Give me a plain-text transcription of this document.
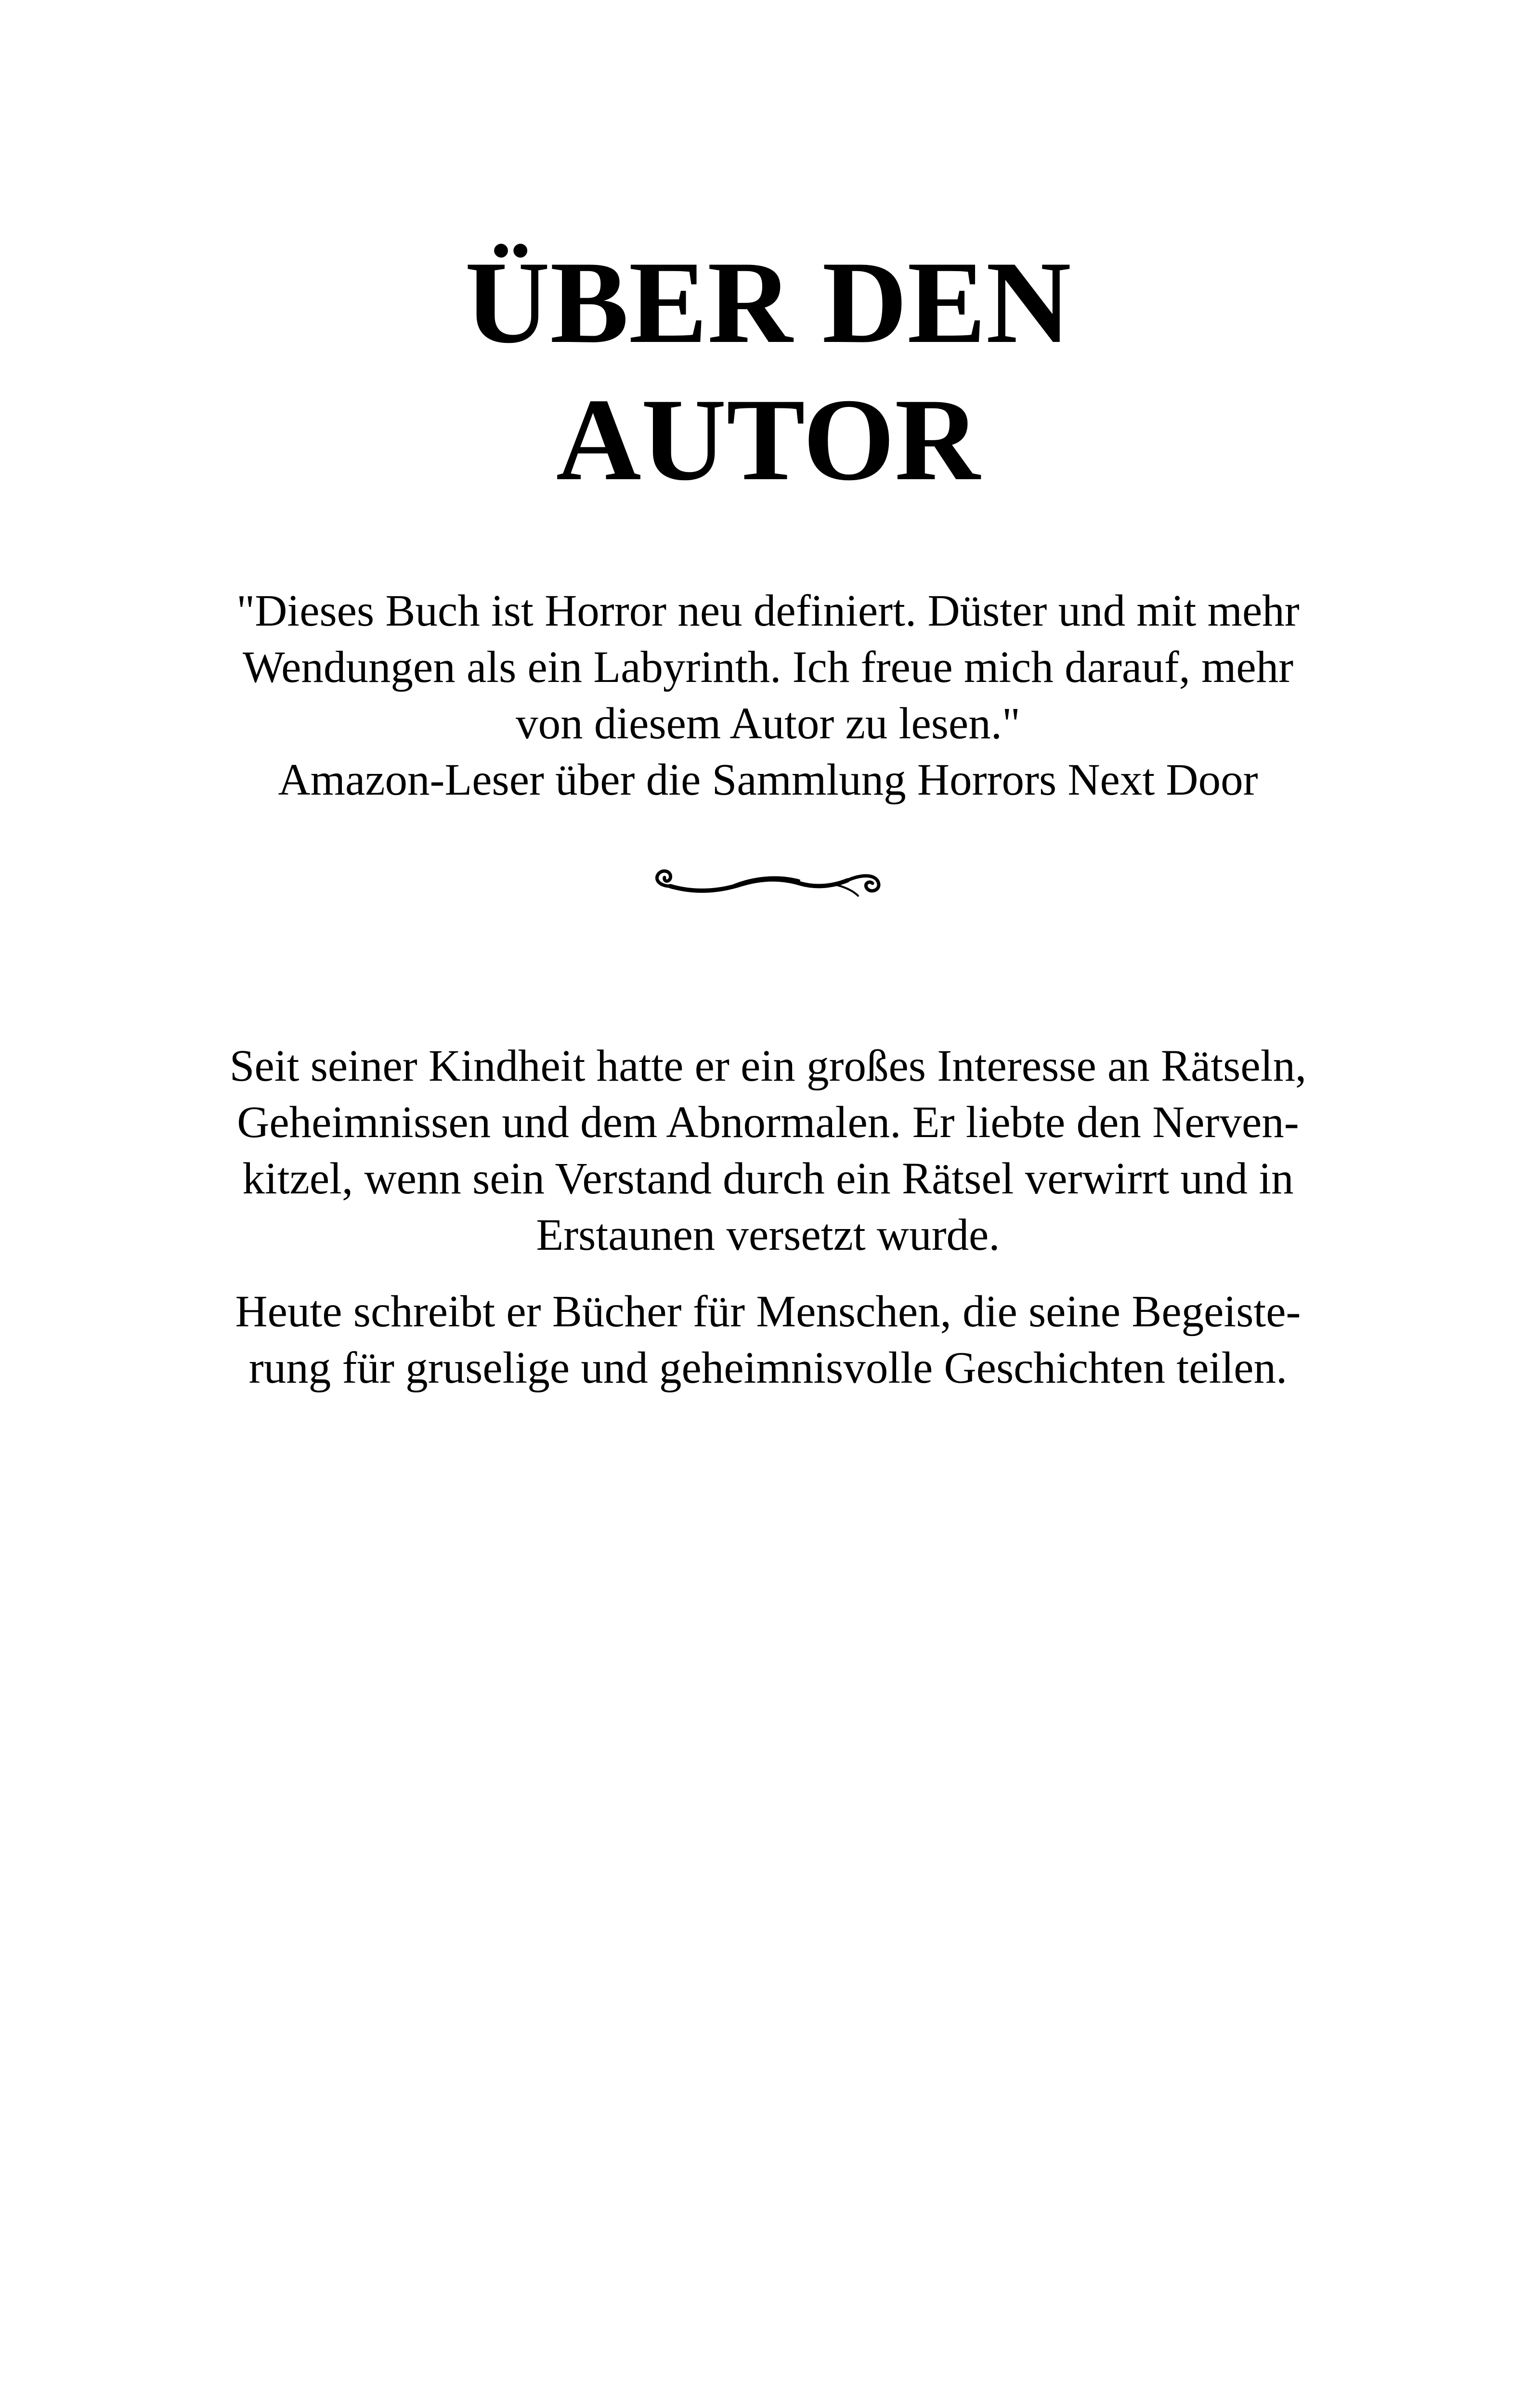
ÜBER DEN
AUTOR

"Dieses Buch ist Horror neu definiert. Düster und mit mehr
Wendungen als ein Labyrinth. Ich freue mich darauf, mehr
von diesem Autor zu lesen."
Amazon-Leser über die Sammlung Horrors Next Door

Seit seiner Kindheit hatte er ein großes Interesse an Rätseln,
Geheimnissen und dem Abnormalen. Er liebte den Nerven-
kitzel, wenn sein Verstand durch ein Rätsel verwirrt und in
Erstaunen versetzt wurde.

Heute schreibt er Bücher für Menschen, die seine Begeiste-
rung für gruselige und geheimnisvolle Geschichten teilen.
